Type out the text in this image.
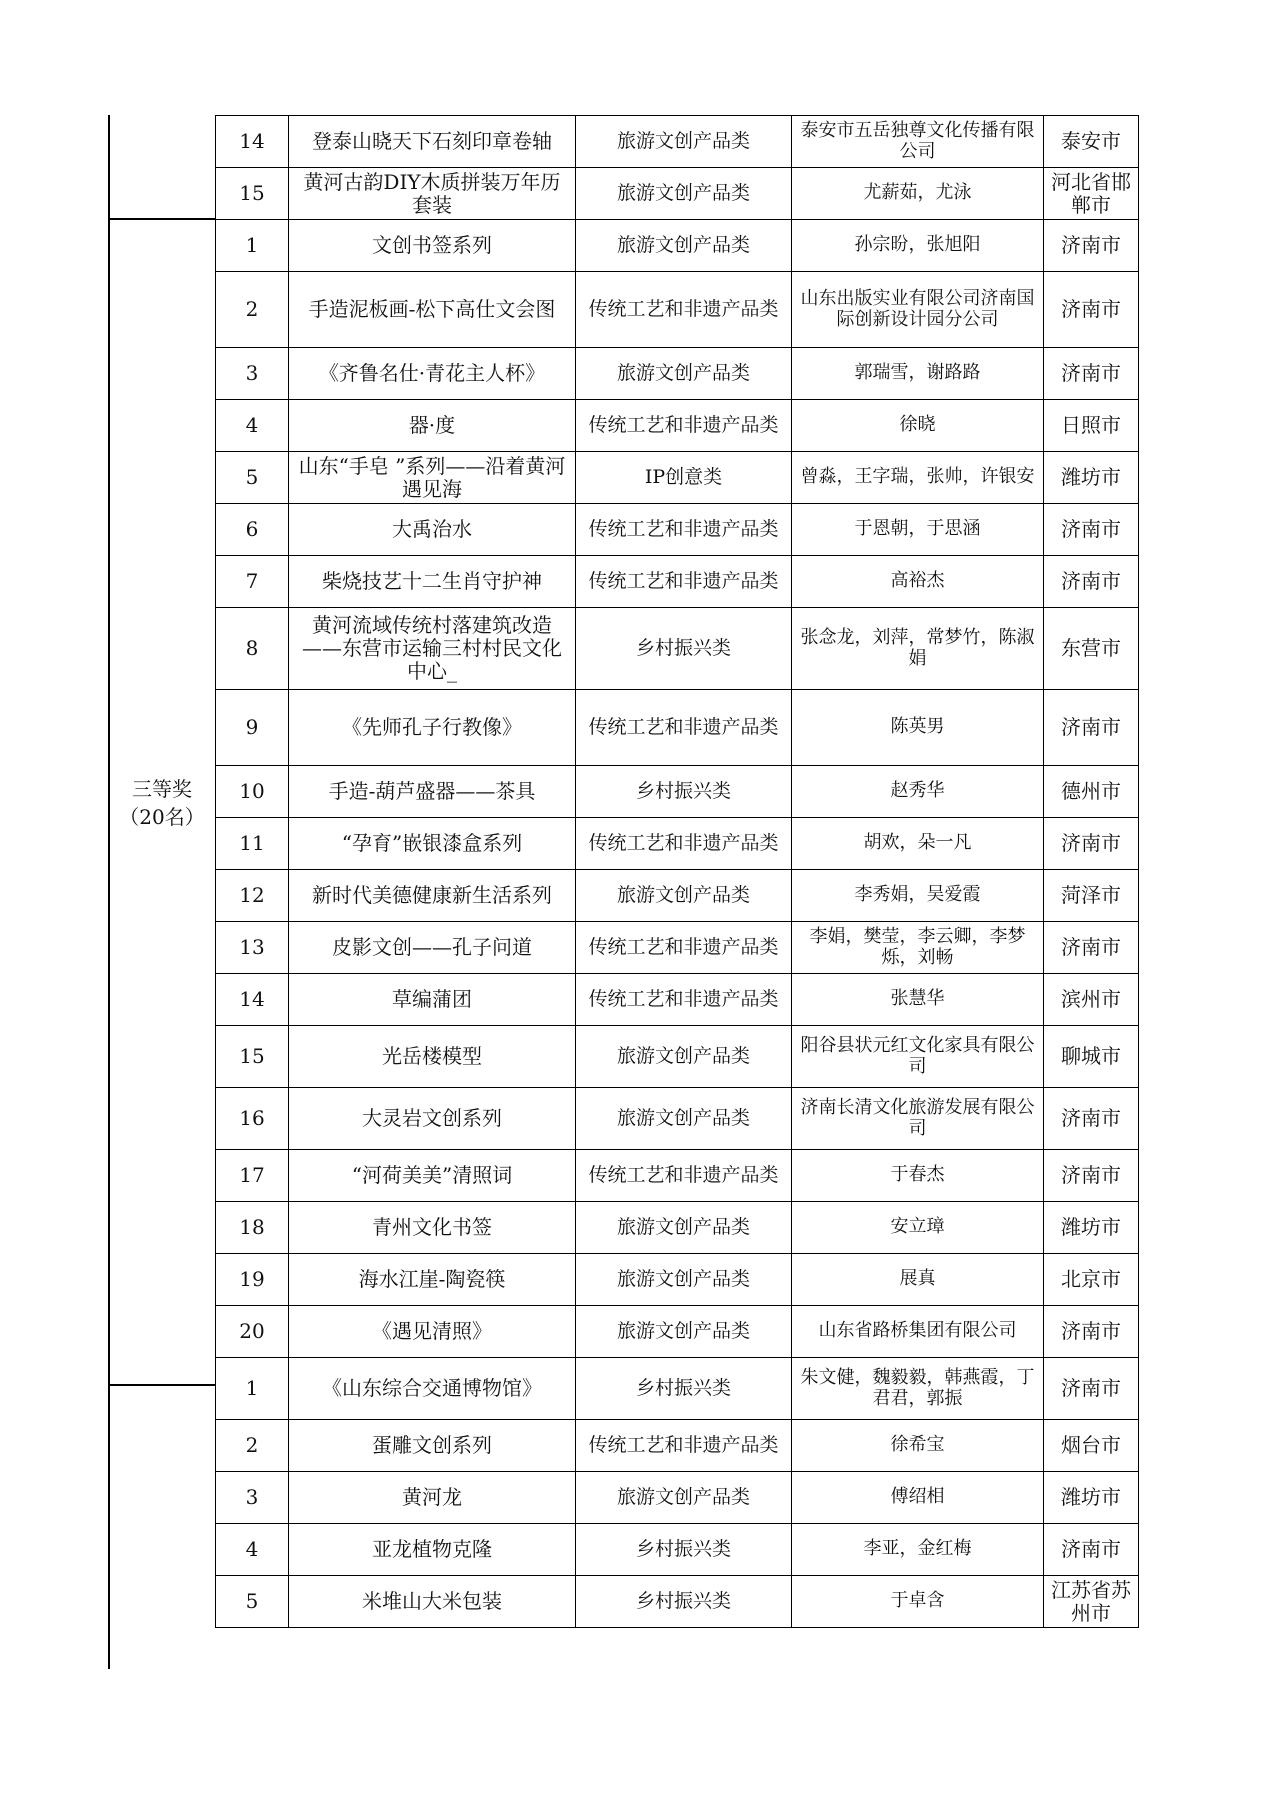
三等奖（20名）
14	登泰山晓天下石刻印章卷轴	旅游文创产品类	泰安市五岳独尊文化传播有限公司	泰安市
15	黄河古韵DIY木质拼装万年历套装	旅游文创产品类	尤薪茹，尤泳	河北省邯郸市
1	文创书签系列	旅游文创产品类	孙宗昐，张旭阳	济南市
2	手造泥板画-松下高仕文会图	传统工艺和非遗产品类	山东出版实业有限公司济南国际创新设计园分公司	济南市
3	《齐鲁名仕·青花主人杯》	旅游文创产品类	郭瑞雪，谢路路	济南市
4	器·度	传统工艺和非遗产品类	徐晓	日照市
5	山东“手皂 ”系列——沿着黄河遇见海	IP创意类	曾淼，王字瑞，张帅，许银安	潍坊市
6	大禹治水	传统工艺和非遗产品类	于恩朝，于思涵	济南市
7	柴烧技艺十二生肖守护神	传统工艺和非遗产品类	高裕杰	济南市
8	黄河流域传统村落建筑改造——东营市运输三村村民文化中心_	乡村振兴类	张念龙，刘萍，常梦竹，陈淑娟	东营市
9	《先师孔子行教像》	传统工艺和非遗产品类	陈英男	济南市
10	手造-葫芦盛器——茶具	乡村振兴类	赵秀华	德州市
11	“孕育”嵌银漆盒系列	传统工艺和非遗产品类	胡欢，朵一凡	济南市
12	新时代美德健康新生活系列	旅游文创产品类	李秀娟，吴爱霞	菏泽市
13	皮影文创——孔子问道	传统工艺和非遗产品类	李娟，樊莹，李云卿，李梦烁，刘畅	济南市
14	草编蒲团	传统工艺和非遗产品类	张慧华	滨州市
15	光岳楼模型	旅游文创产品类	阳谷县状元红文化家具有限公司	聊城市
16	大灵岩文创系列	旅游文创产品类	济南长清文化旅游发展有限公司	济南市
17	“河荷美美”清照词	传统工艺和非遗产品类	于春杰	济南市
18	青州文化书签	旅游文创产品类	安立璋	潍坊市
19	海水江崖-陶瓷筷	旅游文创产品类	展真	北京市
20	《遇见清照》	旅游文创产品类	山东省路桥集团有限公司	济南市
1	《山东综合交通博物馆》	乡村振兴类	朱文健，魏毅毅，韩燕霞，丁君君，郭振	济南市
2	蛋雕文创系列	传统工艺和非遗产品类	徐希宝	烟台市
3	黄河龙	旅游文创产品类	傅绍相	潍坊市
4	亚龙植物克隆	乡村振兴类	李亚，金红梅	济南市
5	米堆山大米包装	乡村振兴类	于卓含	江苏省苏州市
